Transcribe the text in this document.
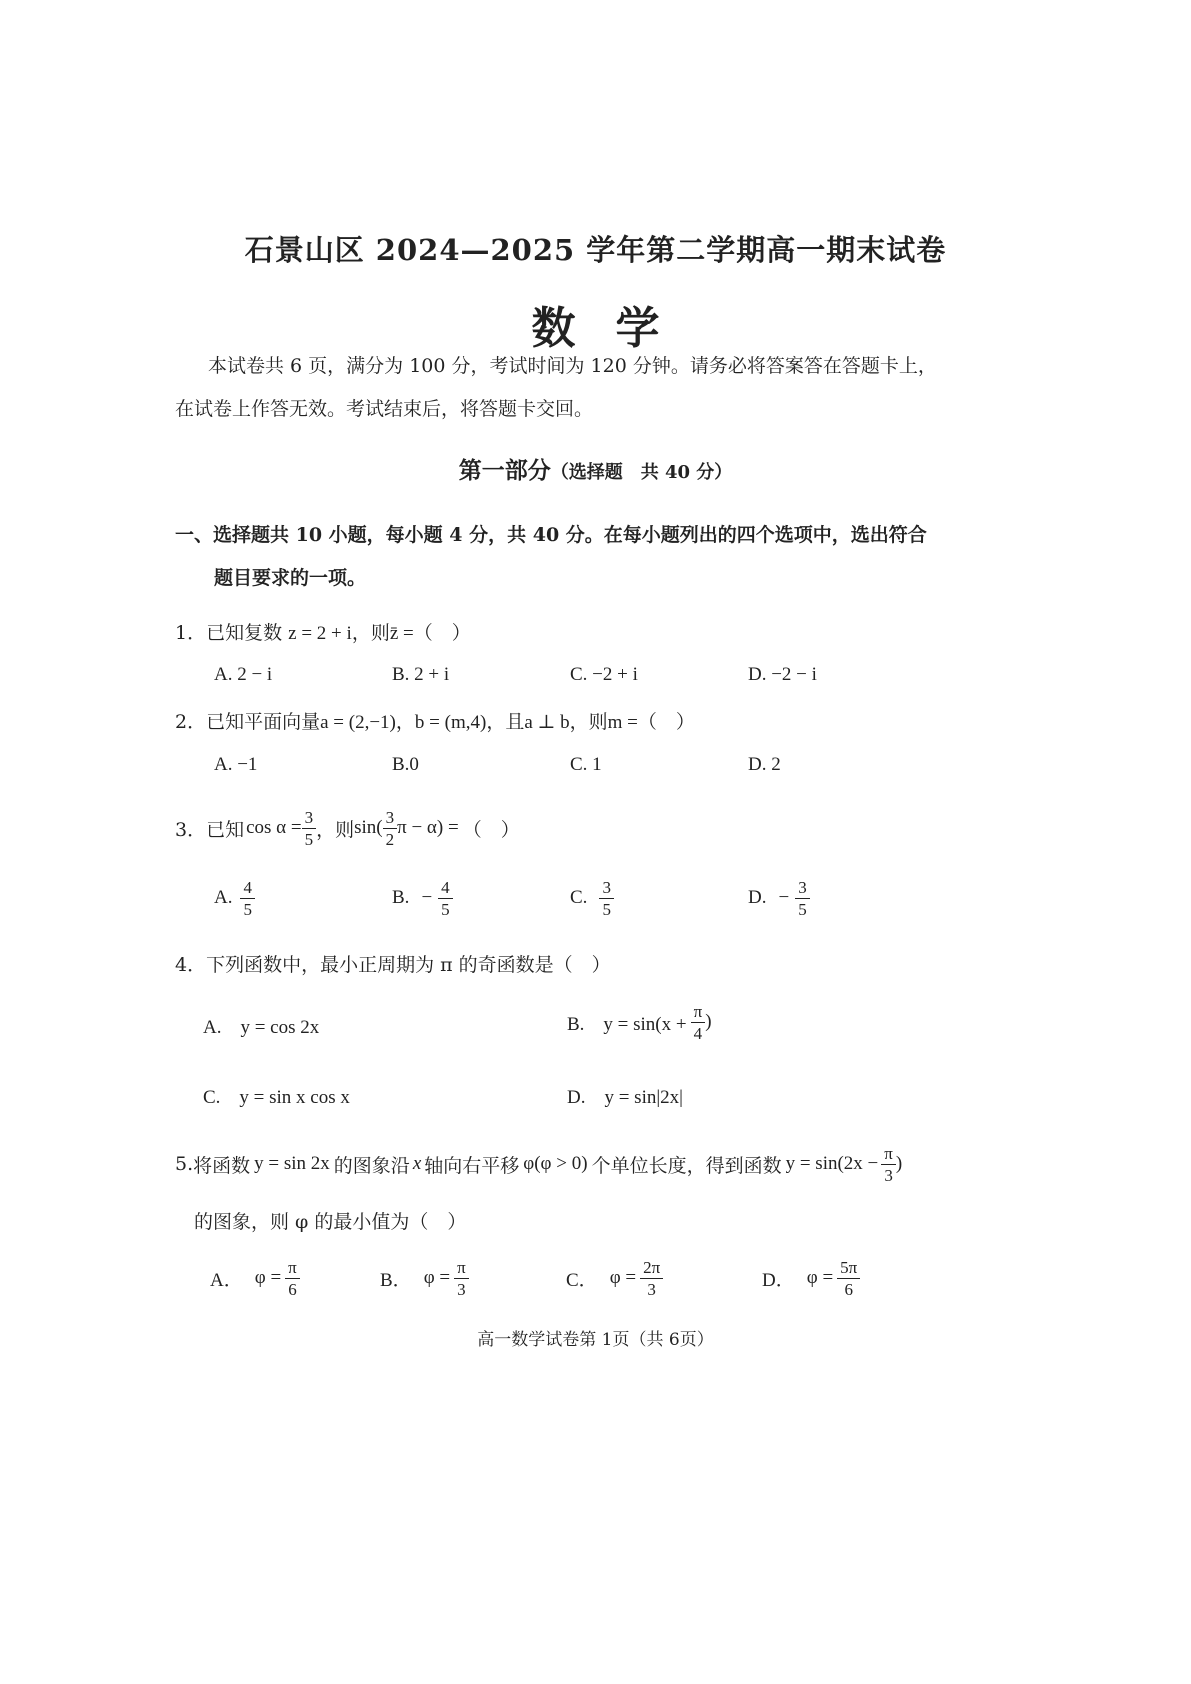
石景山区 2024—2025 学年第二学期高一期末试卷
数学
本试卷共 6 页，满分为 100 分，考试时间为 120 分钟。请务必将答案答在答题卡上，
在试卷上作答无效。考试结束后，将答题卡交回。
第一部分（选择题　共 40 分）
一、选择题共 10 小题，每小题 4 分，共 40 分。在每小题列出的四个选项中，选出符合
题目要求的一项。
1．已知复数 z = 2 + i，则z̄ =（　）
A. 2 − i	B. 2 + i	C. −2 + i	D. −2 − i
2．已知平面向量a = (2,−1)，b = (m,4)，且a ⊥ b，则m =（　）
A. −1	B.0	C. 1	D. 2
3． 已知 $\cos \alpha = \frac{3}{5}$ ，则 $\sin( \frac{3}{2}$ π − α) = （　）
A. $\frac{4}{5}$	B. − $\frac{4}{5}$	C. $\frac{3}{5}$	D. − $\frac{3}{5}$
4．下列函数中，最小正周期为 π 的奇函数是（　）
A.　y = cos 2x	B.　$y = \sin(x + \frac{\pi}{4}$ )
C.　y = sin x cos x	D.　y = sin|2x|
5. 将函数 y = sin 2x 的图象沿 x 轴向右平移 φ(φ > 0) 个单位长度，得到函数 $y = \sin(2x - \frac{\pi}{3}$ )
的图象，则 φ 的最小值为（　）
A． $\varphi = \frac{\pi}{6}$	B． $\varphi = \frac{\pi}{3}$	C． $\varphi = \frac{2\pi}{3}$	D． $\varphi = \frac{5\pi}{6}$
高一数学试卷第 1页（共 6页）
